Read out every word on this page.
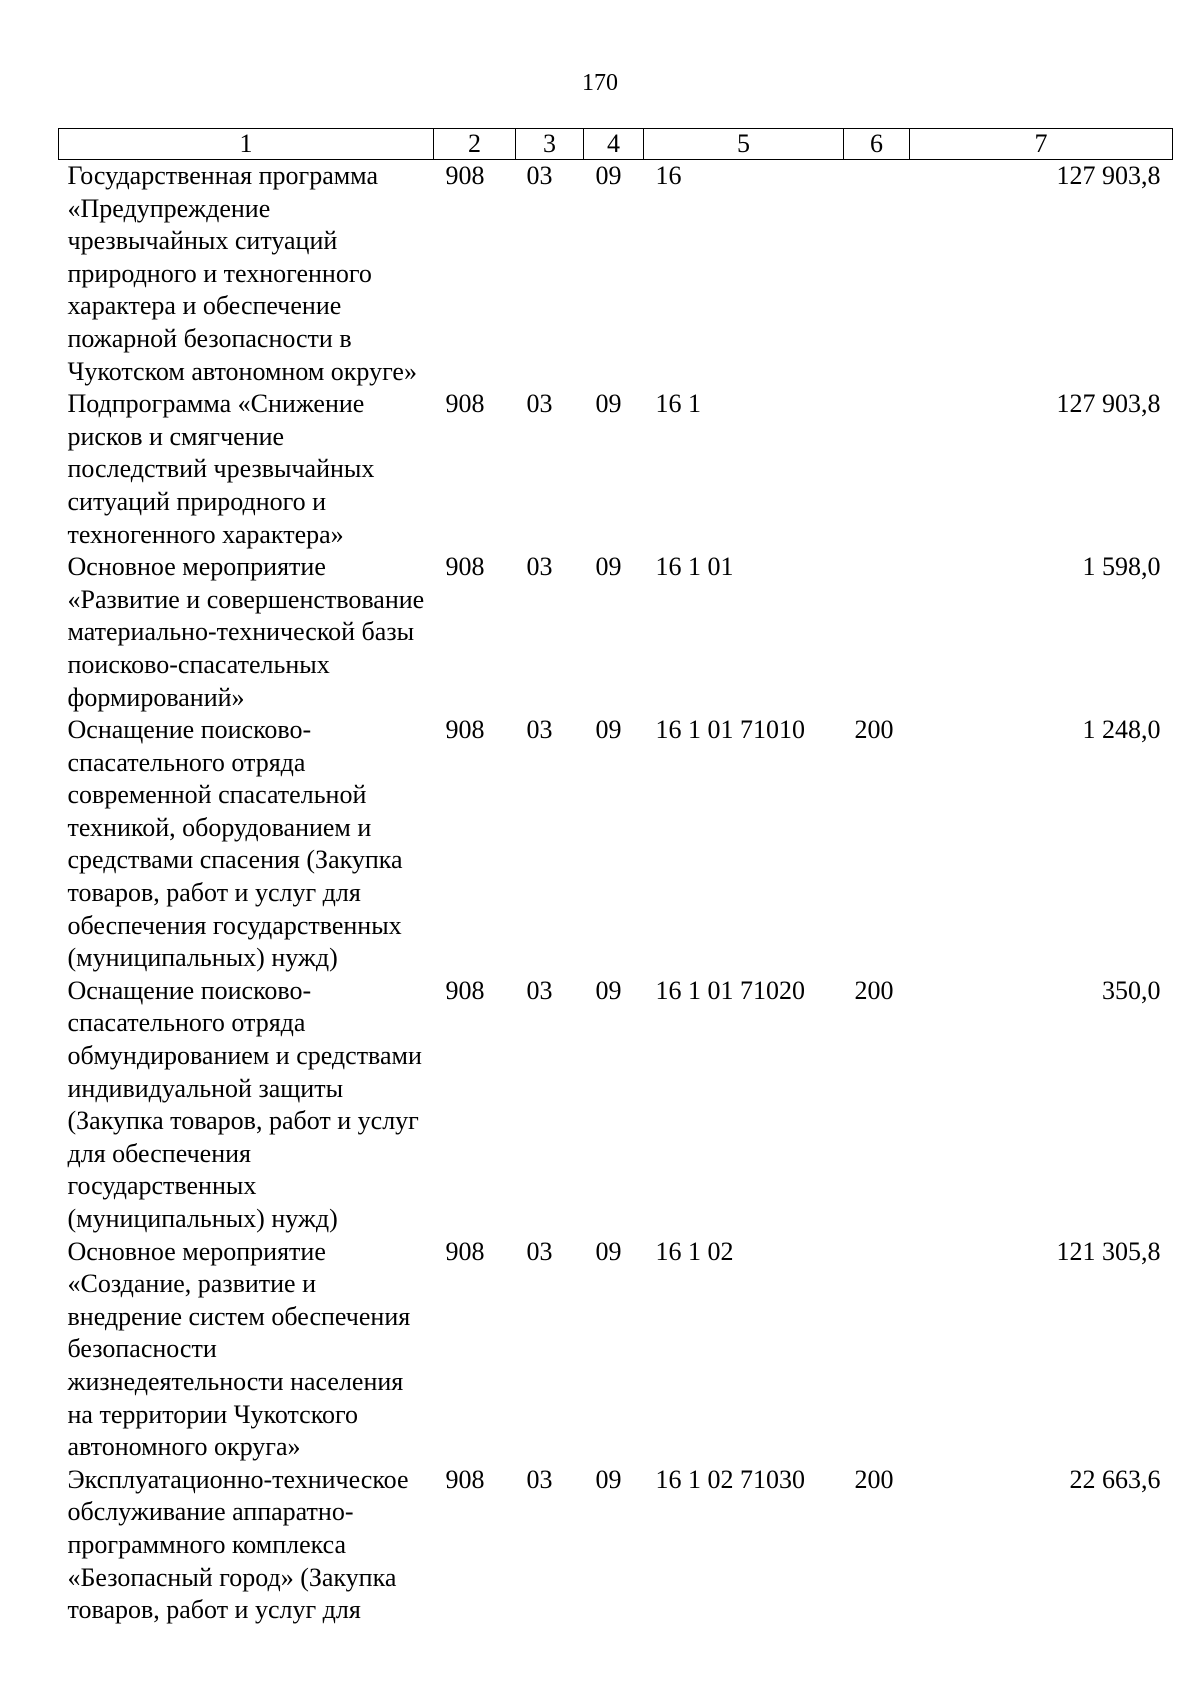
170
1	2	3	4	5	6	7
Государственная программа «Предупреждение чрезвычайных ситуаций природного и техногенного характера и обеспечение пожарной безопасности в Чукотском автономном округе»	908	03	09	16		127 903,8
Подпрограмма «Снижение рисков и смягчение последствий чрезвычайных ситуаций природного и техногенного характера»	908	03	09	16 1		127 903,8
Основное мероприятие «Развитие и совершенствование материально-технической базы поисково-спасательных формирований»	908	03	09	16 1 01		1 598,0
Оснащение поисково-спасательного отряда современной спасательной техникой, оборудованием и средствами спасения (Закупка товаров, работ и услуг для обеспечения государственных (муниципальных) нужд)	908	03	09	16 1 01 71010	200	1 248,0
Оснащение поисково-спасательного отряда обмундированием и средствами индивидуальной защиты (Закупка товаров, работ и услуг для обеспечения государственных (муниципальных) нужд)	908	03	09	16 1 01 71020	200	350,0
Основное мероприятие «Создание, развитие и внедрение систем обеспечения безопасности жизнедеятельности населения на территории Чукотского автономного округа»	908	03	09	16 1 02		121 305,8
Эксплуатационно-техническое обслуживание аппаратно-программного комплекса «Безопасный город» (Закупка товаров, работ и услуг для	908	03	09	16 1 02 71030	200	22 663,6
